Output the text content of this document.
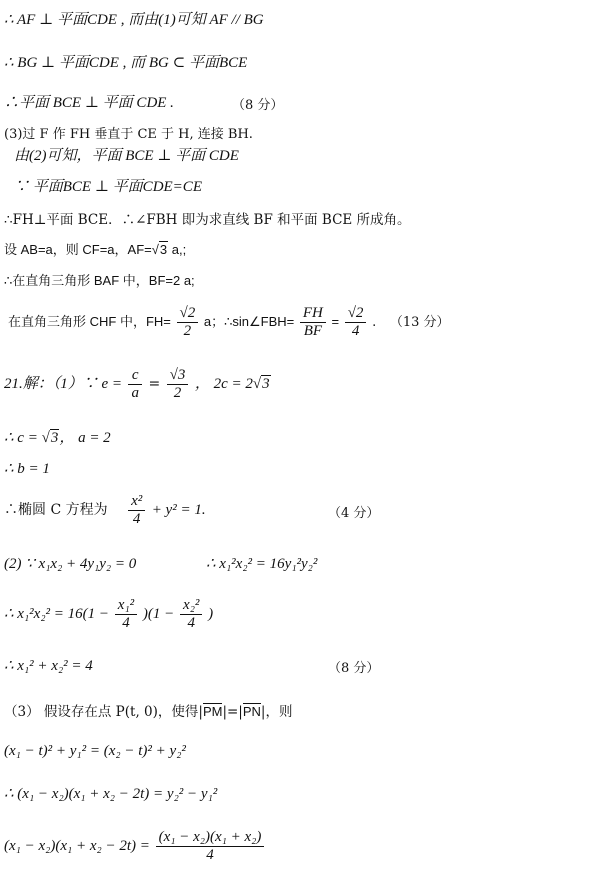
∴ AF ⊥ 平面CDE , 而由(1)可知 AF // BG
∴ BG ⊥ 平面CDE , 而 BG ⊂ 平面BCE
∴平面 BCE ⊥ 平面 CDE .	（8 分）
(3)过 F 作 FH 垂直于 CE 于 H, 连接 BH.
由(2)可知，平面 BCE ⊥ 平面 CDE
∵ 平面BCE ⊥ 平面CDE=CE
∴FH⊥平面 BCE．∴∠FBH 即为求直线 BF 和平面 BCE 所成角。
设 AB=a，则 CF=a，AF=√3 a,;
∴在直角三角形 BAF 中，BF=2 a;
在直角三角形 CHF 中，$FH= \frac{√2}{2}$ a；∴sin∠FBH= $\frac{FH}{BF} = \frac{√2}{4}$ . （13 分）
21.解：（1）∵ $e = \frac{c}{a} = \frac{√3}{2}$ ， 2c = 2√3
∴ c = √3， a = 2
∴ b = 1
∴椭圆 C 方程为 $\frac{\text{x²}}{4} + y^2 = 1$.	（4 分）
(2) ∵ x₁x₂ + 4y₁y₂ = 0	∴ x₁²x₂² = 16y₁²y₂²
∴ $x_1^2x_2^2 = 16(1 - \frac{\text{x₁²}}{4} )(1 - \frac{\text{x₂²}}{4}$ )
∴ x₁² + x₂² = 4	（8 分）
（3） 假设存在点 P(t, 0)，使得|PM|=|PN|，则
(x₁ − t)² + y₁² = (x₂ − t)² + y₂²
∴ (x₁ − x₂)(x₁ + x₂ − 2t) = y₂² − y₁²
$(x_1 - x_2)(x_1 + x_2 - 2t) = \frac{\text{(x₁ − x₂)(x₁ + x₂)}}{4}$
